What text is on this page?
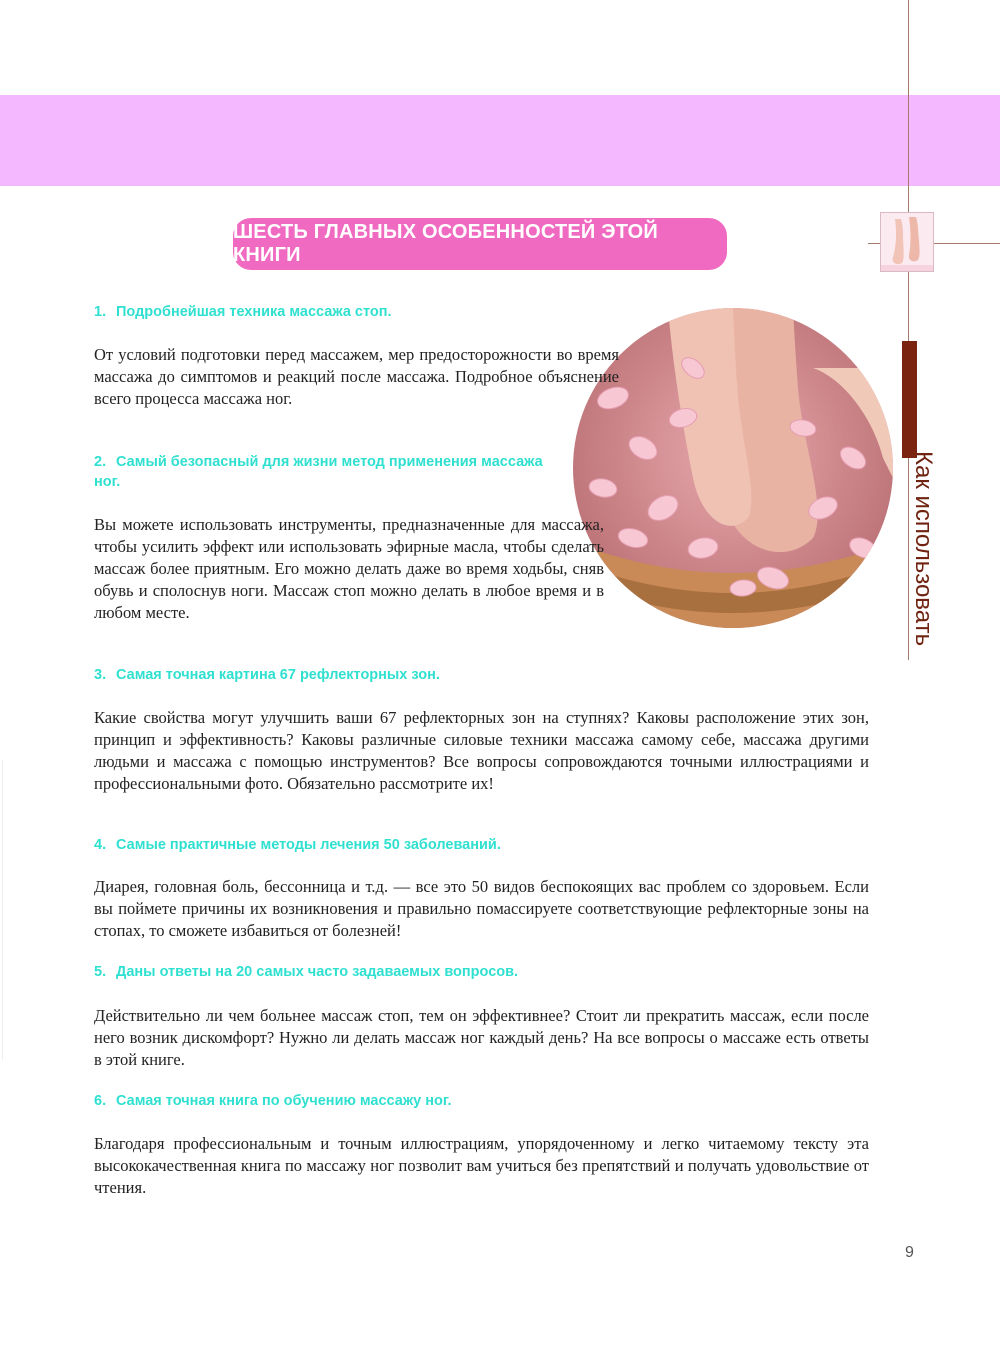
Как использовать
ШЕСТЬ ГЛАВНЫХ ОСОБЕННОСТЕЙ ЭТОЙ КНИГИ
1. Подробнейшая техника массажа стоп.
От условий подготовки перед массажем, мер предосторожности во время массажа до симптомов и реакций после массажа. Подробное объяснение всего процесса массажа ног.
2. Самый безопасный для жизни метод применения массажа ног.
Вы можете использовать инструменты, предназначенные для массажа, чтобы усилить эффект или использовать эфирные масла, чтобы сделать массаж более приятным. Его можно делать даже во время ходьбы, сняв обувь и сполоснув ноги. Массаж стоп можно делать в любое время и в любом месте.
3. Самая точная картина 67 рефлекторных зон.
Какие свойства могут улучшить ваши 67 рефлекторных зон на ступнях? Каковы расположение этих зон, принцип и эффективность? Каковы различные силовые техники массажа самому себе, массажа другими людьми и массажа с помощью инструментов? Все вопросы сопровождаются точными иллюстрациями и профессиональными фото. Обязательно рассмотрите их!
4. Самые практичные методы лечения 50 заболеваний.
Диарея, головная боль, бессонница и т.д. — все это 50 видов беспокоящих вас проблем со здоровьем. Если вы поймете причины их возникновения и правильно помассируете соответствующие рефлекторные зоны на стопах, то сможете избавиться от болезней!
5. Даны ответы на 20 самых часто задаваемых вопросов.
Действительно ли чем больнее массаж стоп, тем он эффективнее? Стоит ли прекратить массаж, если после него возник дискомфорт? Нужно ли делать массаж ног каждый день? На все вопросы о массаже есть ответы в этой книге.
6. Самая точная книга по обучению массажу ног.
Благодаря профессиональным и точным иллюстрациям, упорядоченному и легко читаемому тексту эта высококачественная книга по массажу ног позволит вам учиться без препятствий и получать удовольствие от чтения.
9
